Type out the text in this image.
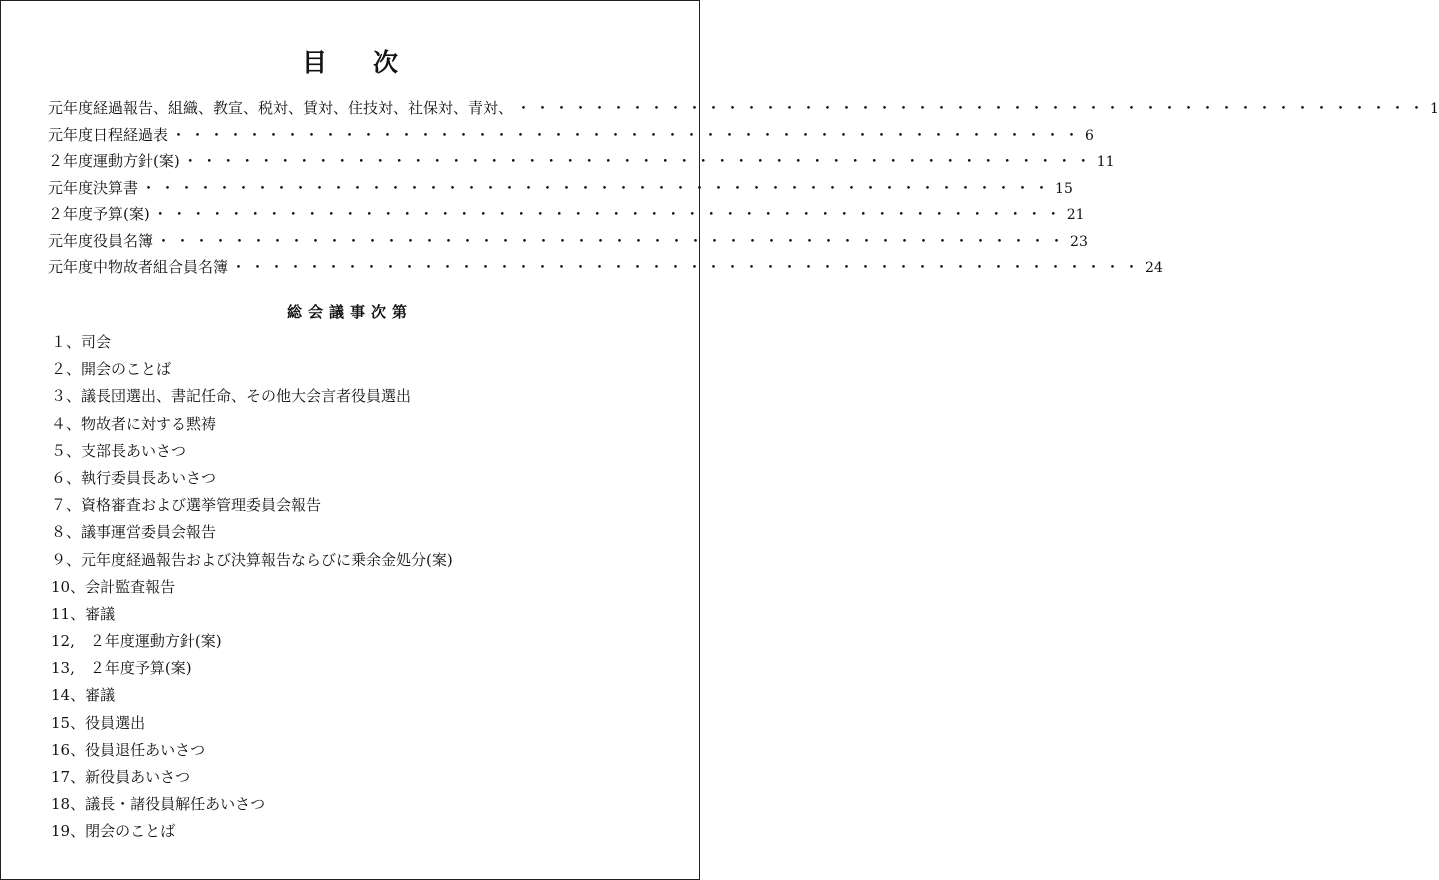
目 次
元年度経過報告、組織、教宣、税対、賃対、住技対、社保対、青対、 ・・・・・・・・・・・・・・・・・・・・・・・・・・・・・・・・・・・・・・・・・・・・・・・・ 1
元年度日程経過表 ・・・・・・・・・・・・・・・・・・・・・・・・・・・・・・・・・・・・・・・・・・・・・・・・ 6
２年度運動方針(案) ・・・・・・・・・・・・・・・・・・・・・・・・・・・・・・・・・・・・・・・・・・・・・・・・ 11
元年度決算書 ・・・・・・・・・・・・・・・・・・・・・・・・・・・・・・・・・・・・・・・・・・・・・・・・ 15
２年度予算(案) ・・・・・・・・・・・・・・・・・・・・・・・・・・・・・・・・・・・・・・・・・・・・・・・・ 21
元年度役員名簿 ・・・・・・・・・・・・・・・・・・・・・・・・・・・・・・・・・・・・・・・・・・・・・・・・ 23
元年度中物故者組合員名簿 ・・・・・・・・・・・・・・・・・・・・・・・・・・・・・・・・・・・・・・・・・・・・・・・・ 24
総会議事次第
１、司会
２、開会のことば
３、議長団選出、書記任命、その他大会言者役員選出
４、物故者に対する黙祷
５、支部長あいさつ
６、執行委員長あいさつ
７、資格審査および選挙管理委員会報告
８、議事運営委員会報告
９、元年度経過報告および決算報告ならびに乗余金処分(案)
10、会計監査報告
11、審議
12,　２年度運動方針(案)
13,　２年度予算(案)
14、審議
15、役員選出
16、役員退任あいさつ
17、新役員あいさつ
18、議長・諸役員解任あいさつ
19、閉会のことば
